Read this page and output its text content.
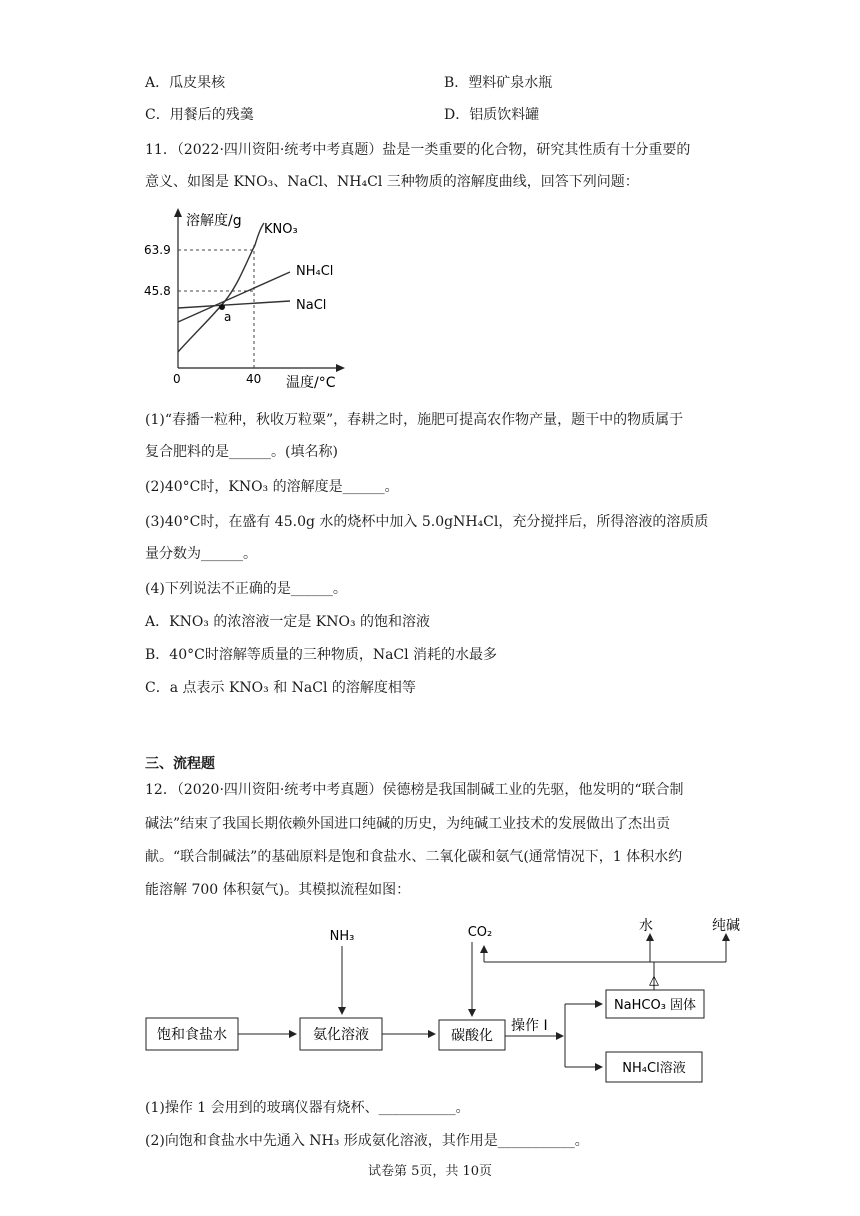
A．瓜皮果核	B．塑料矿泉水瓶
C．用餐后的残羹	D．铝质饮料罐
11．（2022·四川资阳·统考中考真题）盐是一类重要的化合物，研究其性质有十分重要的
意义、如图是 KNO₃、NaCl、NH₄Cl 三种物质的溶解度曲线，回答下列问题：
溶解度/g
63.9
45.8
0	40 温度/°C
KNO₃
NH₄Cl
NaCl
a
(1)“春播一粒种，秋收万粒粟”，春耕之时，施肥可提高农作物产量，题干中的物质属于
复合肥料的是______。(填名称)
(2)40°C时，KNO₃ 的溶解度是______。
(3)40°C时，在盛有 45.0g 水的烧杯中加入 5.0gNH₄Cl，充分搅拌后，所得溶液的溶质质
量分数为______。
(4)下列说法不正确的是______。
A．KNO₃ 的浓溶液一定是 KNO₃ 的饱和溶液
B．40°C时溶解等质量的三种物质，NaCl 消耗的水最多
C．a 点表示 KNO₃ 和 NaCl 的溶解度相等
三、流程题
12．（2020·四川资阳·统考中考真题）侯德榜是我国制碱工业的先驱，他发明的“联合制
碱法”结束了我国长期依赖外国进口纯碱的历史，为纯碱工业技术的发展做出了杰出贡
献。“联合制碱法”的基础原料是饱和食盐水、二氧化碳和氨气(通常情况下，1 体积水约
能溶解 700 体积氨气)。其模拟流程如图：
饱和食盐水	氨化溶液	碳酸化
NaHCO₃ 固体
NH₄Cl溶液
操作 I
NH₃	CO₂
△
水	纯碱
(1)操作 1 会用到的玻璃仪器有烧杯、___________。
(2)向饱和食盐水中先通入 NH₃ 形成氨化溶液，其作用是___________。
试卷第 5页，共 10页
